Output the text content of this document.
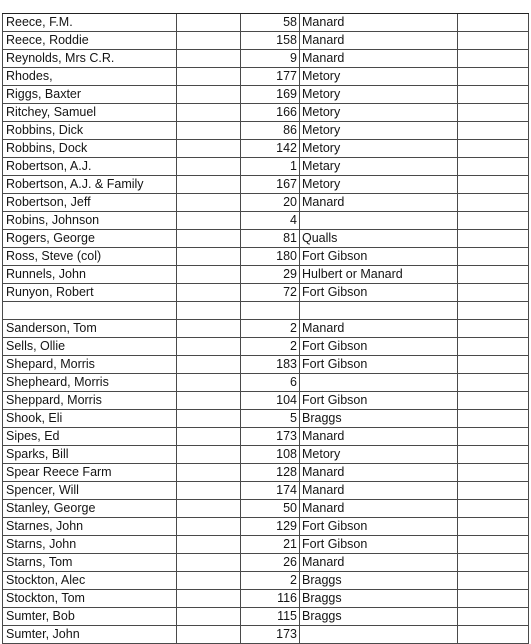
Reece, F.M.	58 Manard
Reece, Roddie	158 Manard
Reynolds, Mrs C.R.	9 Manard
Rhodes,	177 Metory
Riggs, Baxter	169 Metory
Ritchey, Samuel	166 Metory
Robbins, Dick	86 Metory
Robbins, Dock	142 Metory
Robertson, A.J.	1 Metary
Robertson, A.J. & Family	167 Metory
Robertson, Jeff	20 Manard
Robins, Johnson	4
Rogers, George	81 Qualls
Ross, Steve (col)	180 Fort Gibson
Runnels, John	29 Hulbert or Manard
Runyon, Robert	72 Fort Gibson
Sanderson, Tom	2 Manard
Sells, Ollie	2 Fort Gibson
Shepard, Morris	183 Fort Gibson
Shepheard, Morris	6
Sheppard, Morris	104 Fort Gibson
Shook, Eli	5 Braggs
Sipes, Ed	173 Manard
Sparks, Bill	108 Metory
Spear Reece Farm	128 Manard
Spencer, Will	174 Manard
Stanley, George	50 Manard
Starnes, John	129 Fort Gibson
Starns, John	21 Fort Gibson
Starns, Tom	26 Manard
Stockton, Alec	2 Braggs
Stockton, Tom	116 Braggs
Sumter, Bob	115 Braggs
Sumter, John	173
